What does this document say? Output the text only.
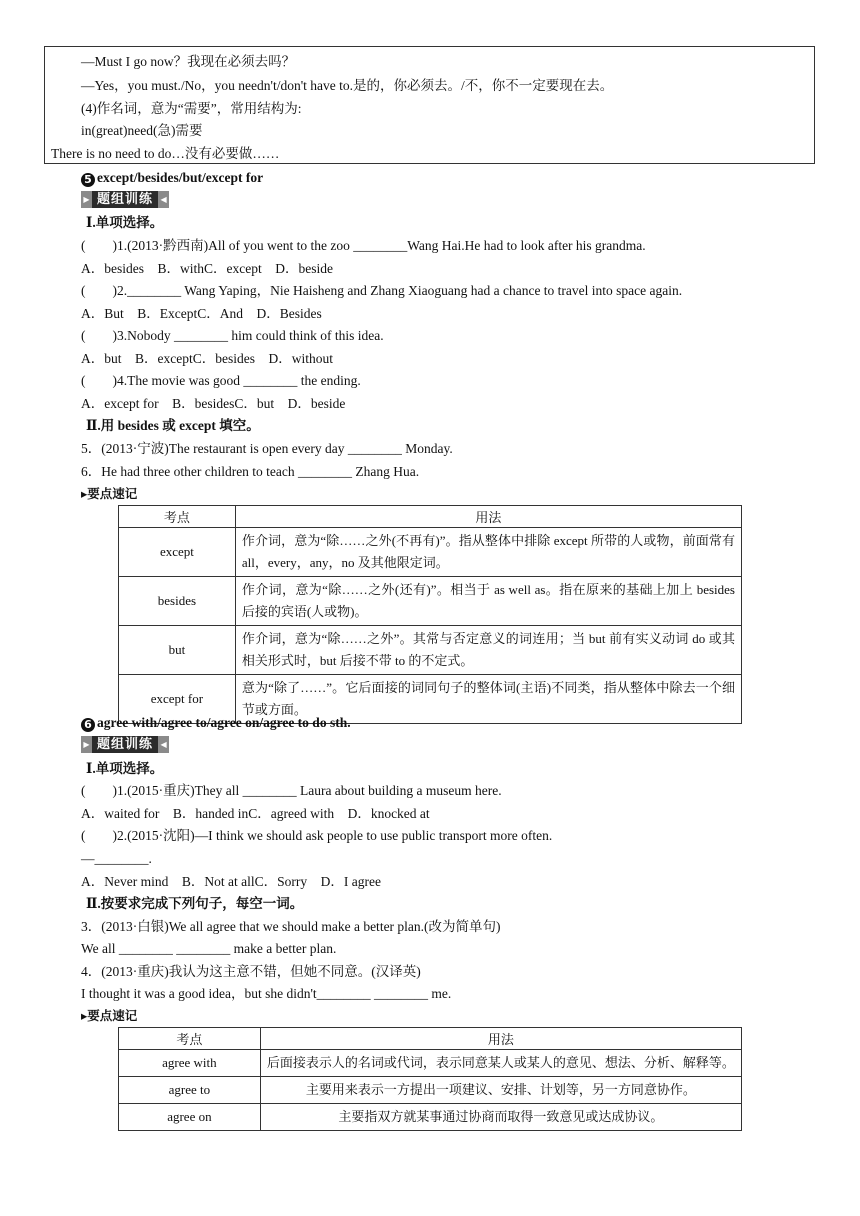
—Must I go now？我现在必须去吗？
—Yes，you must./No，you needn't/don't have to.是的，你必须去。/不，你不一定要现在去。
(4)作名词，意为“需要”，常用结构为:
in(great)need(急)需要
There is no need to do…没有必要做……
5 except/besides/but/except for
▶ 题组训练 ◀
Ⅰ.单项选择。
(　　)1.(2013·黔西南)All of you went to the zoo ________Wang Hai.He had to look after his grandma.
A．besides　B．withC．except　D．beside
(　　)2.________ Wang Yaping，Nie Haisheng and Zhang Xiaoguang had a chance to travel into space again.
A．But　B．ExceptC．And　D．Besides
(　　)3.Nobody ________ him could think of this idea.
A．but　B．exceptC．besides　D．without
(　　)4.The movie was good ________ the ending.
A．except for　B．besidesC．but　D．beside
Ⅱ.用 besides 或 except 填空。
5．(2013·宁波)The restaurant is open every day ________ Monday.
6．He had three other children to teach ________ Zhang Hua.
▸要点速记
考点	用法
except	作介词，意为“除……之外(不再有)”。指从整体中排除 except 所带的人或物，前面常有 all，every，any，no 及其他限定词。
besides	作介词，意为“除……之外(还有)”。相当于 as well as。指在原来的基础上加上 besides 后接的宾语(人或物)。
but	作介词，意为“除……之外”。其常与否定意义的词连用；当 but 前有实义动词 do 或其相关形式时，but 后接不带 to 的不定式。
except for	意为“除了……”。它后面接的词同句子的整体词(主语)不同类，指从整体中除去一个细节或方面。
6 agree with/agree to/agree on/agree to do sth.
▶ 题组训练 ◀
Ⅰ.单项选择。
(　　)1.(2015·重庆)They all ________ Laura about building a museum here.
A．waited for　B．handed inC．agreed with　D．knocked at
(　　)2.(2015·沈阳)—I think we should ask people to use public transport more often.
—________.
A．Never mind　B．Not at allC．Sorry　D．I agree
Ⅱ.按要求完成下列句子，每空一词。
3．(2013·白银)We all agree that we should make a better plan.(改为简单句)
We all ________ ________ make a better plan.
4．(2013·重庆)我认为这主意不错，但她不同意。(汉译英)
I thought it was a good idea，but she didn't________ ________ me.
▸要点速记
考点	用法
agree with	后面接表示人的名词或代词，表示同意某人或某人的意见、想法、分析、解释等。
agree to	主要用来表示一方提出一项建议、安排、计划等，另一方同意协作。
agree on	主要指双方就某事通过协商而取得一致意见或达成协议。
